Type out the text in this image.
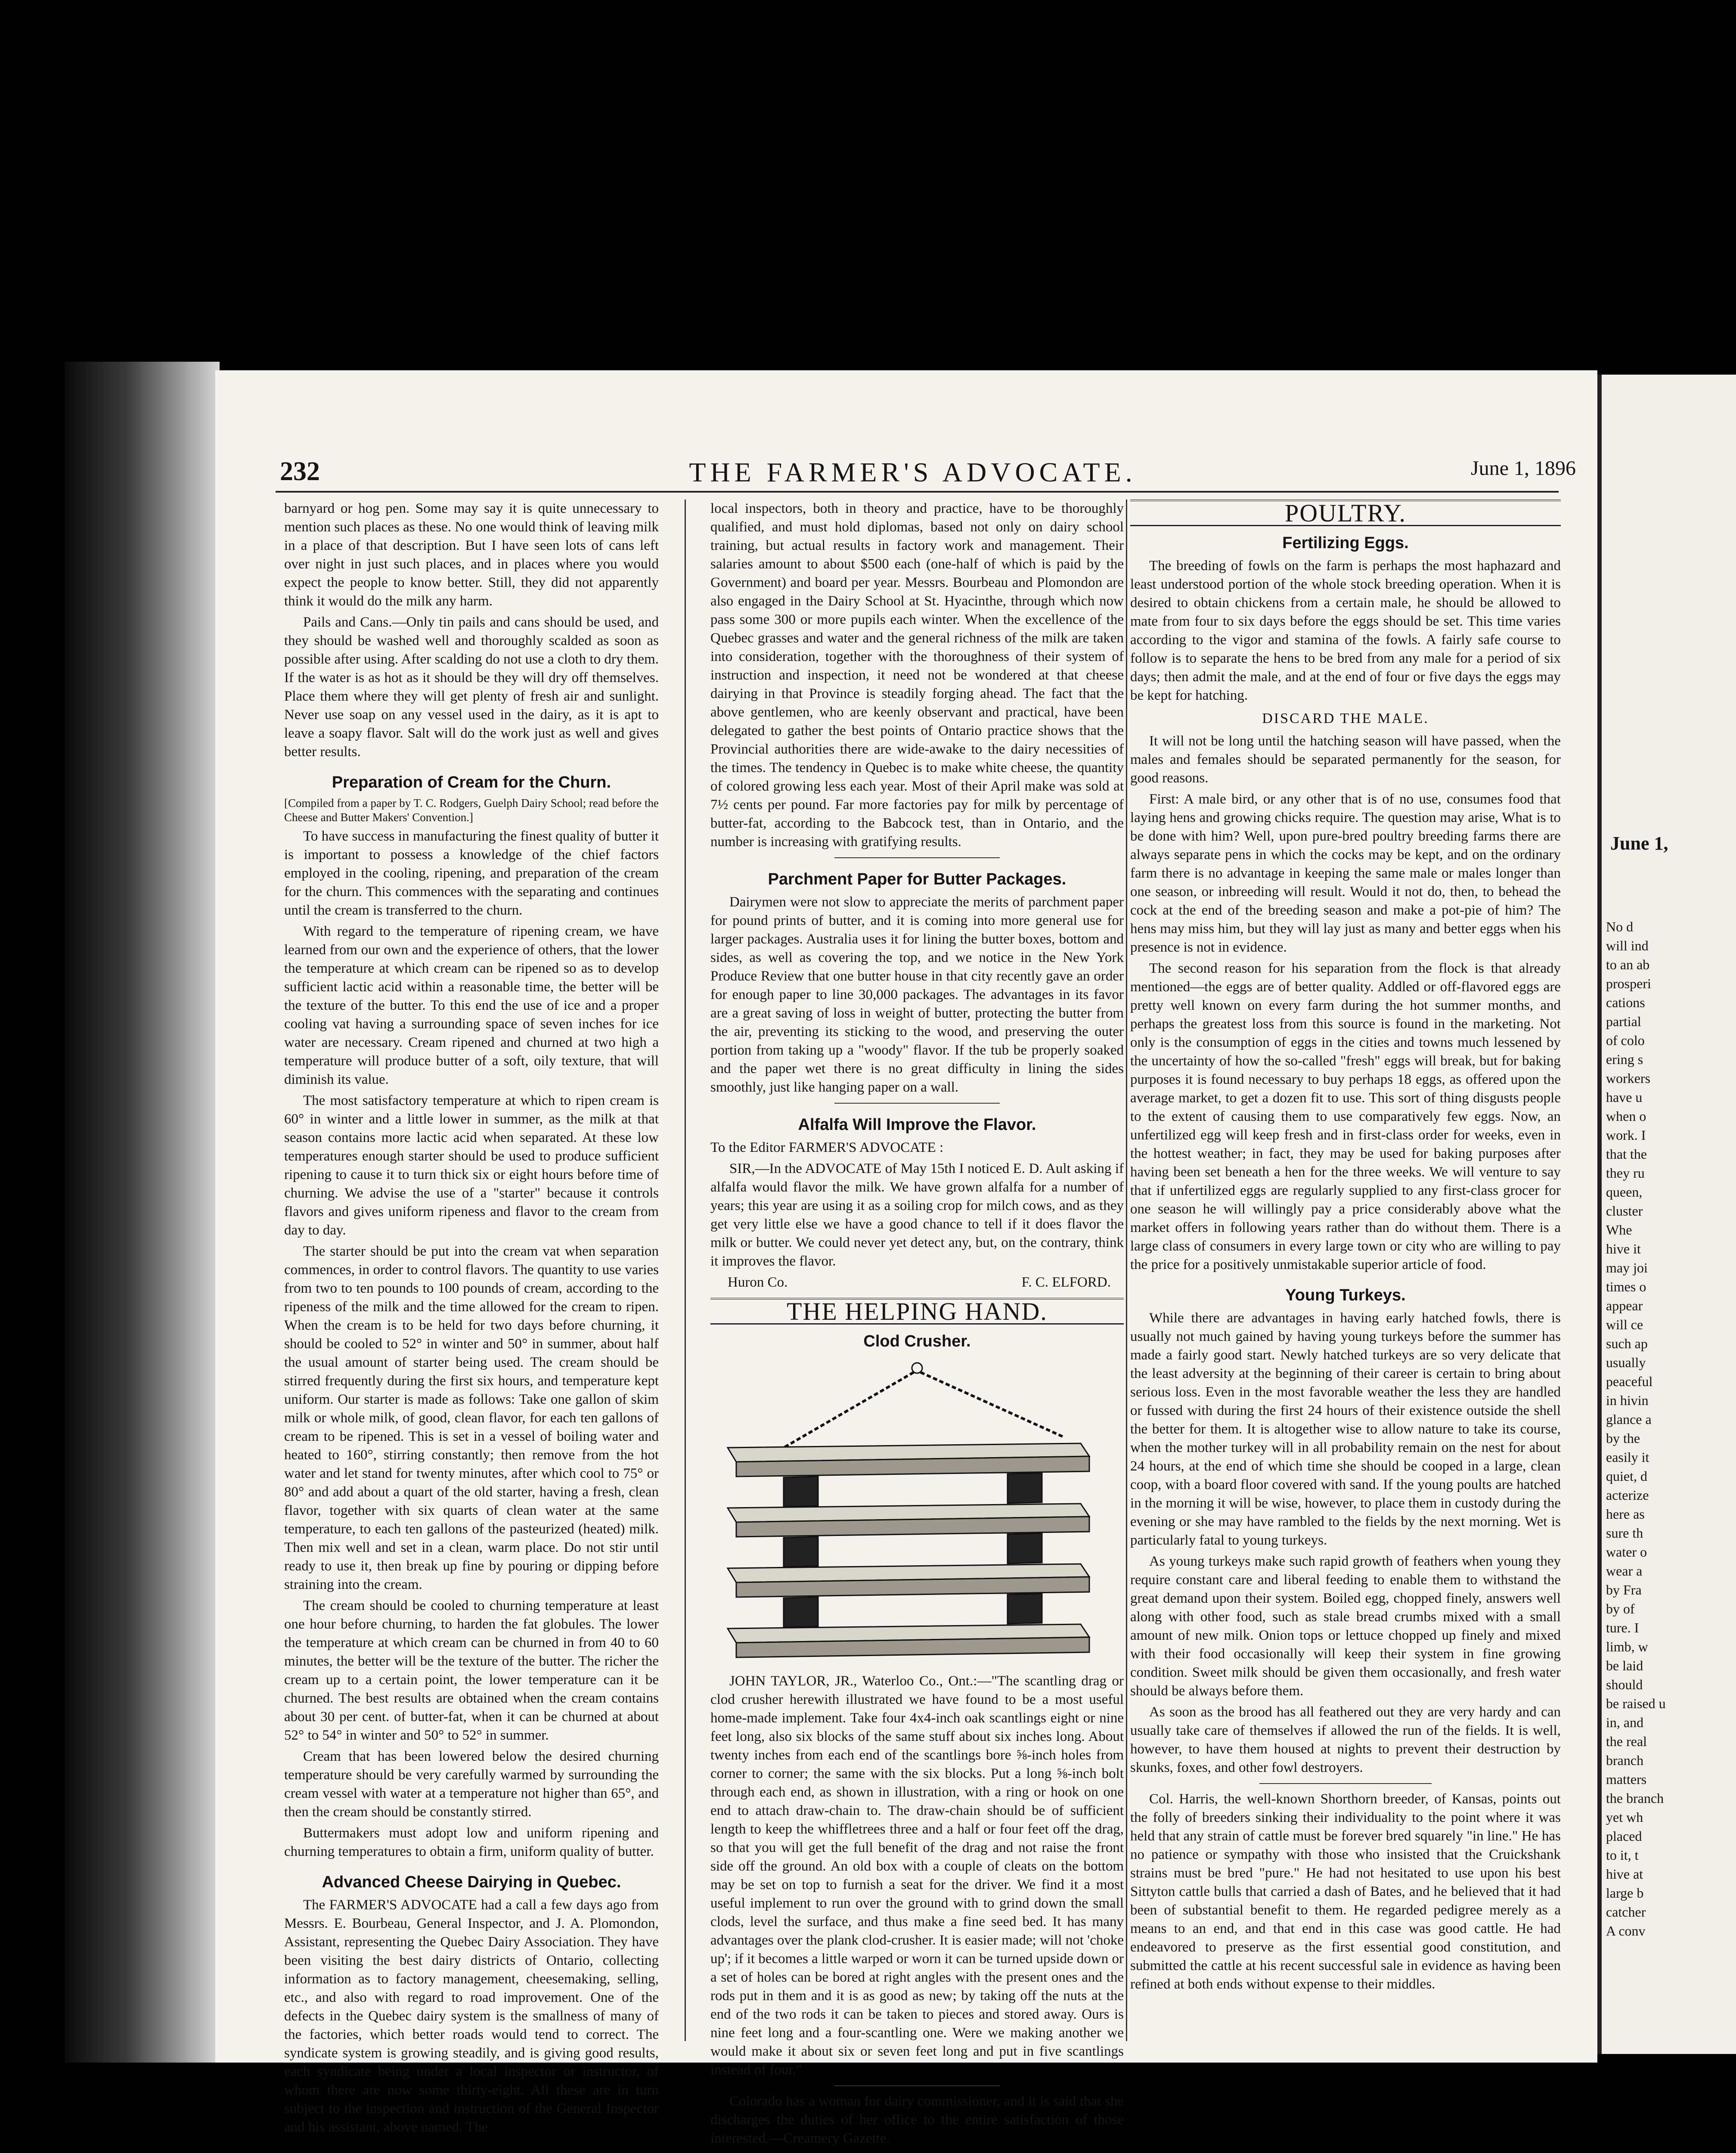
June 1,
No d
will ind
to an ab
prosperi
cations
partial
of colo
ering s
workers
have u
when o
work. I
that the
they ru
queen,
cluster
Whe
hive it
may joi
times o
appear
will ce
such ap
usually
peaceful
in hivin
glance a
by the
easily it
quiet, d
acterize
here as
sure th
water o
wear a
by Fra
by of
ture. I
limb, w
be laid
should
be raised u
in, and
the real
branch
matters
the branch
yet wh
placed
to it, t
hive at
large b
catcher
A conv
232	THE FARMER'S ADVOCATE.	June 1, 1896

barnyard or hog pen. Some may say it is quite unnecessary to mention such places as these. No one would think of leaving milk in a place of that description. But I have seen lots of cans left over night in just such places, and in places where you would expect the people to know better. Still, they did not apparently think it would do the milk any harm.

Pails and Cans.—Only tin pails and cans should be used, and they should be washed well and thoroughly scalded as soon as possible after using. After scalding do not use a cloth to dry them. If the water is as hot as it should be they will dry off themselves. Place them where they will get plenty of fresh air and sunlight. Never use soap on any vessel used in the dairy, as it is apt to leave a soapy flavor. Salt will do the work just as well and gives better results.

Preparation of Cream for the Churn.

[Compiled from a paper by T. C. Rodgers, Guelph Dairy School; read before the Cheese and Butter Makers' Convention.]

To have success in manufacturing the finest quality of butter it is important to possess a knowledge of the chief factors employed in the cooling, ripening, and preparation of the cream for the churn. This commences with the separating and continues until the cream is transferred to the churn.

With regard to the temperature of ripening cream, we have learned from our own and the experience of others, that the lower the temperature at which cream can be ripened so as to develop sufficient lactic acid within a reasonable time, the better will be the texture of the butter. To this end the use of ice and a proper cooling vat having a surrounding space of seven inches for ice water are necessary. Cream ripened and churned at two high a temperature will produce butter of a soft, oily texture, that will diminish its value.

The most satisfactory temperature at which to ripen cream is 60° in winter and a little lower in summer, as the milk at that season contains more lactic acid when separated. At these low temperatures enough starter should be used to produce sufficient ripening to cause it to turn thick six or eight hours before time of churning. We advise the use of a "starter" because it controls flavors and gives uniform ripeness and flavor to the cream from day to day.

The starter should be put into the cream vat when separation commences, in order to control flavors. The quantity to use varies from two to ten pounds to 100 pounds of cream, according to the ripeness of the milk and the time allowed for the cream to ripen. When the cream is to be held for two days before churning, it should be cooled to 52° in winter and 50° in summer, about half the usual amount of starter being used. The cream should be stirred frequently during the first six hours, and temperature kept uniform. Our starter is made as follows: Take one gallon of skim milk or whole milk, of good, clean flavor, for each ten gallons of cream to be ripened. This is set in a vessel of boiling water and heated to 160°, stirring constantly; then remove from the hot water and let stand for twenty minutes, after which cool to 75° or 80° and add about a quart of the old starter, having a fresh, clean flavor, together with six quarts of clean water at the same temperature, to each ten gallons of the pasteurized (heated) milk. Then mix well and set in a clean, warm place. Do not stir until ready to use it, then break up fine by pouring or dipping before straining into the cream.

The cream should be cooled to churning temperature at least one hour before churning, to harden the fat globules. The lower the temperature at which cream can be churned in from 40 to 60 minutes, the better will be the texture of the butter. The richer the cream up to a certain point, the lower temperature can it be churned. The best results are obtained when the cream contains about 30 per cent. of butter-fat, when it can be churned at about 52° to 54° in winter and 50° to 52° in summer.

Cream that has been lowered below the desired churning temperature should be very carefully warmed by surrounding the cream vessel with water at a temperature not higher than 65°, and then the cream should be constantly stirred.

Buttermakers must adopt low and uniform ripening and churning temperatures to obtain a firm, uniform quality of butter.

Advanced Cheese Dairying in Quebec.

The FARMER'S ADVOCATE had a call a few days ago from Messrs. E. Bourbeau, General Inspector, and J. A. Plomondon, Assistant, representing the Quebec Dairy Association. They have been visiting the best dairy districts of Ontario, collecting information as to factory management, cheesemaking, selling, etc., and also with regard to road improvement. One of the defects in the Quebec dairy system is the smallness of many of the factories, which better roads would tend to correct. The syndicate system is growing steadily, and is giving good results, each syndicate being under a local inspector or instructor, of whom there are now some thirty-eight. All these are in turn subject to the inspection and instruction of the General Inspector and his assistant, above named. The

local inspectors, both in theory and practice, have to be thoroughly qualified, and must hold diplomas, based not only on dairy school training, but actual results in factory work and management. Their salaries amount to about $500 each (one-half of which is paid by the Government) and board per year. Messrs. Bourbeau and Plomondon are also engaged in the Dairy School at St. Hyacinthe, through which now pass some 300 or more pupils each winter. When the excellence of the Quebec grasses and water and the general richness of the milk are taken into consideration, together with the thoroughness of their system of instruction and inspection, it need not be wondered at that cheese dairying in that Province is steadily forging ahead. The fact that the above gentlemen, who are keenly observant and practical, have been delegated to gather the best points of Ontario practice shows that the Provincial authorities there are wide-awake to the dairy necessities of the times. The tendency in Quebec is to make white cheese, the quantity of colored growing less each year. Most of their April make was sold at 7½ cents per pound. Far more factories pay for milk by percentage of butter-fat, according to the Babcock test, than in Ontario, and the number is increasing with gratifying results.

Parchment Paper for Butter Packages.

Dairymen were not slow to appreciate the merits of parchment paper for pound prints of butter, and it is coming into more general use for larger packages. Australia uses it for lining the butter boxes, bottom and sides, as well as covering the top, and we notice in the New York Produce Review that one butter house in that city recently gave an order for enough paper to line 30,000 packages. The advantages in its favor are a great saving of loss in weight of butter, protecting the butter from the air, preventing its sticking to the wood, and preserving the outer portion from taking up a "woody" flavor. If the tub be properly soaked and the paper wet there is no great difficulty in lining the sides smoothly, just like hanging paper on a wall.

Alfalfa Will Improve the Flavor.

To the Editor FARMER'S ADVOCATE :

SIR,—In the ADVOCATE of May 15th I noticed E. D. Ault asking if alfalfa would flavor the milk. We have grown alfalfa for a number of years; this year are using it as a soiling crop for milch cows, and as they get very little else we have a good chance to tell if it does flavor the milk or butter. We could never yet detect any, but, on the contrary, think it improves the flavor.

Huron Co.	F. C. ELFORD.
THE HELPING HAND.
Clod Crusher.

JOHN TAYLOR, JR., Waterloo Co., Ont.:—"The scantling drag or clod crusher herewith illustrated we have found to be a most useful home-made implement. Take four 4x4-inch oak scantlings eight or nine feet long, also six blocks of the same stuff about six inches long. About twenty inches from each end of the scantlings bore ⅝-inch holes from corner to corner; the same with the six blocks. Put a long ⅝-inch bolt through each end, as shown in illustration, with a ring or hook on one end to attach draw-chain to. The draw-chain should be of sufficient length to keep the whiffletrees three and a half or four feet off the drag, so that you will get the full benefit of the drag and not raise the front side off the ground. An old box with a couple of cleats on the bottom may be set on top to furnish a seat for the driver. We find it a most useful implement to run over the ground with to grind down the small clods, level the surface, and thus make a fine seed bed. It has many advantages over the plank clod-crusher. It is easier made; will not 'choke up'; if it becomes a little warped or worn it can be turned upside down or a set of holes can be bored at right angles with the present ones and the rods put in them and it is as good as new; by taking off the nuts at the end of the two rods it can be taken to pieces and stored away. Ours is nine feet long and a four-scantling one. Were we making another we would make it about six or seven feet long and put in five scantlings instead of four."

Colorado has a woman for dairy commissioner, and it is said that she discharges the duties of her office to the entire satisfaction of those interested.—Creamery Gazette.

POULTRY.
Fertilizing Eggs.

The breeding of fowls on the farm is perhaps the most haphazard and least understood portion of the whole stock breeding operation. When it is desired to obtain chickens from a certain male, he should be allowed to mate from four to six days before the eggs should be set. This time varies according to the vigor and stamina of the fowls. A fairly safe course to follow is to separate the hens to be bred from any male for a period of six days; then admit the male, and at the end of four or five days the eggs may be kept for hatching.

DISCARD THE MALE.

It will not be long until the hatching season will have passed, when the males and females should be separated permanently for the season, for good reasons.

First: A male bird, or any other that is of no use, consumes food that laying hens and growing chicks require. The question may arise, What is to be done with him? Well, upon pure-bred poultry breeding farms there are always separate pens in which the cocks may be kept, and on the ordinary farm there is no advantage in keeping the same male or males longer than one season, or inbreeding will result. Would it not do, then, to behead the cock at the end of the breeding season and make a pot-pie of him? The hens may miss him, but they will lay just as many and better eggs when his presence is not in evidence.

The second reason for his separation from the flock is that already mentioned—the eggs are of better quality. Addled or off-flavored eggs are pretty well known on every farm during the hot summer months, and perhaps the greatest loss from this source is found in the marketing. Not only is the consumption of eggs in the cities and towns much lessened by the uncertainty of how the so-called "fresh" eggs will break, but for baking purposes it is found necessary to buy perhaps 18 eggs, as offered upon the average market, to get a dozen fit to use. This sort of thing disgusts people to the extent of causing them to use comparatively few eggs. Now, an unfertilized egg will keep fresh and in first-class order for weeks, even in the hottest weather; in fact, they may be used for baking purposes after having been set beneath a hen for the three weeks. We will venture to say that if unfertilized eggs are regularly supplied to any first-class grocer for one season he will willingly pay a price considerably above what the market offers in following years rather than do without them. There is a large class of consumers in every large town or city who are willing to pay the price for a positively unmistakable superior article of food.

Young Turkeys.

While there are advantages in having early hatched fowls, there is usually not much gained by having young turkeys before the summer has made a fairly good start. Newly hatched turkeys are so very delicate that the least adversity at the beginning of their career is certain to bring about serious loss. Even in the most favorable weather the less they are handled or fussed with during the first 24 hours of their existence outside the shell the better for them. It is altogether wise to allow nature to take its course, when the mother turkey will in all probability remain on the nest for about 24 hours, at the end of which time she should be cooped in a large, clean coop, with a board floor covered with sand. If the young poults are hatched in the morning it will be wise, however, to place them in custody during the evening or she may have rambled to the fields by the next morning. Wet is particularly fatal to young turkeys.

As young turkeys make such rapid growth of feathers when young they require constant care and liberal feeding to enable them to withstand the great demand upon their system. Boiled egg, chopped finely, answers well along with other food, such as stale bread crumbs mixed with a small amount of new milk. Onion tops or lettuce chopped up finely and mixed with their food occasionally will keep their system in fine growing condition. Sweet milk should be given them occasionally, and fresh water should be always before them.

As soon as the brood has all feathered out they are very hardy and can usually take care of themselves if allowed the run of the fields. It is well, however, to have them housed at nights to prevent their destruction by skunks, foxes, and other fowl destroyers.

Col. Harris, the well-known Shorthorn breeder, of Kansas, points out the folly of breeders sinking their individuality to the point where it was held that any strain of cattle must be forever bred squarely "in line." He has no patience or sympathy with those who insisted that the Cruickshank strains must be bred "pure." He had not hesitated to use upon his best Sittyton cattle bulls that carried a dash of Bates, and he believed that it had been of substantial benefit to them. He regarded pedigree merely as a means to an end, and that end in this case was good cattle. He had endeavored to preserve as the first essential good constitution, and submitted the cattle at his recent successful sale in evidence as having been refined at both ends without expense to their middles.
